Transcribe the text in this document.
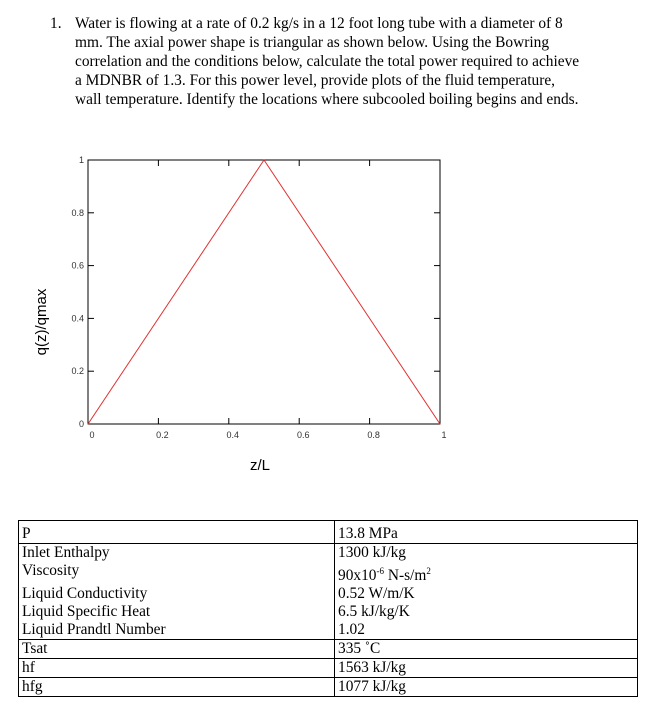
1. Water is flowing at a rate of 0.2 kg/s in a 12 foot long tube with a diameter of 8
mm. The axial power shape is triangular as shown below. Using the Bowring
correlation and the conditions below, calculate the total power required to achieve
a MDNBR of 1.3. For this power level, provide plots of the fluid temperature,
wall temperature. Identify the locations where subcooled boiling begins and ends.
0
0.2
0.4
0.6
0.8
1
0	0.2	0.4	0.6	0.8	1
z/L
q(z)/qmax
P	13.8 MPa
Inlet Enthalpy	1300 kJ/kg
Viscosity	$90x10^{-6}$ $N-s/m^2$
Liquid Conductivity	0.52 W/m/K
Liquid Specific Heat	6.5 kJ/kg/K
Liquid Prandtl Number	1.02
Tsat	335 ˚C
hf	1563 kJ/kg
hfg	1077 kJ/kg
